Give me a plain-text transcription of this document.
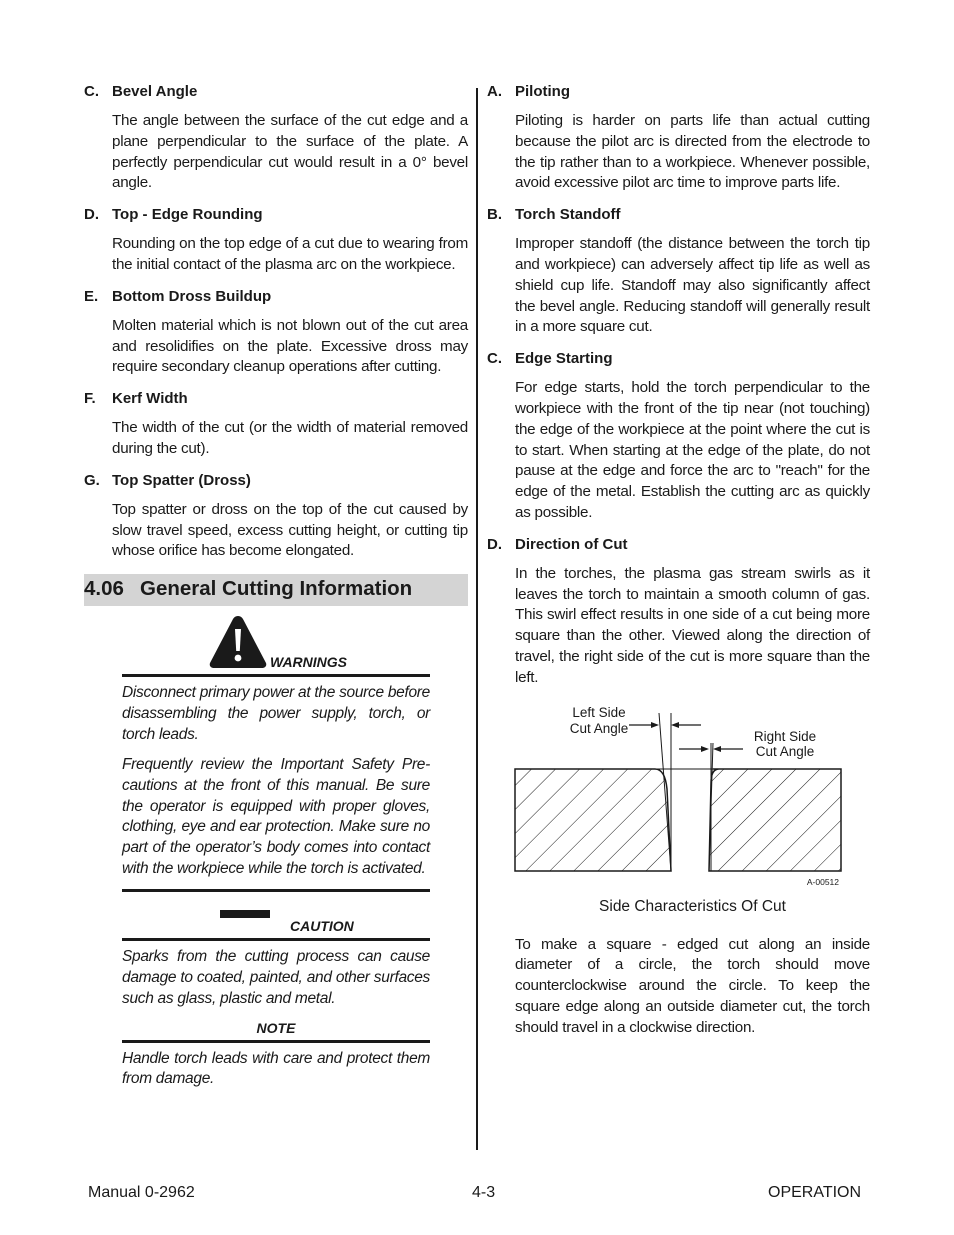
C. Bevel Angle

The angle between the surface of the cut edge and a plane perpendicular to the surface of the plate. A perfectly perpendicular cut would result in a 0° bevel angle.

D. Top - Edge Rounding

Rounding on the top edge of a cut due to wearing from the initial contact of the plasma arc on the workpiece.

E. Bottom Dross Buildup

Molten material which is not blown out of the cut area and resolidifies on the plate. Excessive dross may require secondary cleanup operations after cutting.

F.	Kerf Width

The width of the cut (or the width of material removed during the cut).

G. Top Spatter (Dross)

Top spatter or dross on the top of the cut caused by slow travel speed, excess cutting height, or cutting tip whose orifice has become elongated.

4.06 General Cutting Information
WARNINGS

Disconnect primary power at the source before disassembling the power supply, torch, or torch leads.

Frequently review the Important Safety Pre-cautions at the front of this manual. Be sure the operator is equipped with proper gloves, clothing, eye and ear protection. Make sure no part of the operator’s body comes into contact with the workpiece while the torch is activated.

CAUTION

Sparks from the cutting process can cause damage to coated, painted, and other surfaces such as glass, plastic and metal.

NOTE

Handle torch leads with care and protect them from damage.

A. Piloting

Piloting is harder on parts life than actual cutting because the pilot arc is directed from the electrode to the tip rather than to a workpiece. Whenever possible, avoid excessive pilot arc time to improve parts life.

B. Torch Standoff

Improper standoff (the distance between the torch tip and workpiece) can adversely affect tip life as well as shield cup life. Standoff may also significantly affect the bevel angle. Reducing standoff will generally result in a more square cut.

C. Edge Starting

For edge starts, hold the torch perpendicular to the workpiece with the front of the tip near (not touching) the edge of the workpiece at the point where the cut is to start. When starting at the edge of the plate, do not pause at the edge and force the arc to "reach" for the edge of the metal. Establish the cutting arc as quickly as possible.

D. Direction of Cut

In the torches, the plasma gas stream swirls as it leaves the torch to maintain a smooth column of gas. This swirl effect results in one side of a cut being more square than the other. Viewed along the direction of travel, the right side of the cut is more square than the left.

Left Side
Cut Angle
Right Side
Cut Angle
A-00512
Side Characteristics Of Cut

To make a square - edged cut along an inside diameter of a circle, the torch should move counterclockwise around the circle. To keep the square edge along an outside diameter cut, the torch should travel in a clockwise direction.

Manual 0-2962	4-3	OPERATION
